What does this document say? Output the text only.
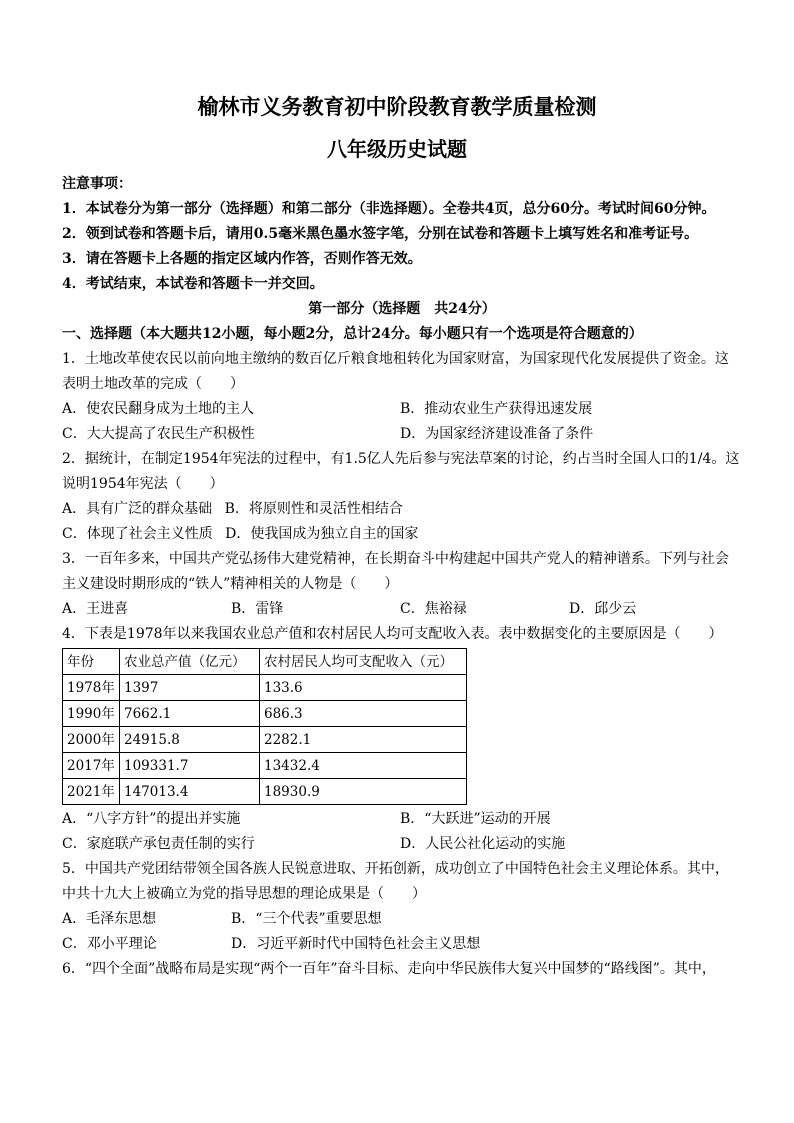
榆林市义务教育初中阶段教育教学质量检测
八年级历史试题
注意事项：
1．本试卷分为第一部分（选择题）和第二部分（非选择题）。全卷共4页，总分60分。考试时间60分钟。
2．领到试卷和答题卡后，请用0.5毫米黑色墨水签字笔，分别在试卷和答题卡上填写姓名和准考证号。
3．请在答题卡上各题的指定区域内作答，否则作答无效。
4．考试结束，本试卷和答题卡一并交回。
第一部分（选择题　共24分）
一、选择题（本大题共12小题，每小题2分，总计24分。每小题只有一个选项是符合题意的）
1．土地改革使农民以前向地主缴纳的数百亿斤粮食地租转化为国家财富，为国家现代化发展提供了资金。这表明土地改革的完成（　　）
A．使农民翻身成为土地的主人	B．推动农业生产获得迅速发展
C．大大提高了农民生产积极性	D．为国家经济建设准备了条件
2．据统计，在制定1954年宪法的过程中，有1.5亿人先后参与宪法草案的讨论，约占当时全国人口的1/4。这说明1954年宪法（　　）
A．具有广泛的群众基础 B．将原则性和灵活性相结合
C．体现了社会主义性质 D．使我国成为独立自主的国家
3．一百年多来，中国共产党弘扬伟大建党精神，在长期奋斗中构建起中国共产党人的精神谱系。下列与社会主义建设时期形成的“铁人”精神相关的人物是（　　）
A．王进喜	B．雷锋	C．焦裕禄	D．邱少云
4．下表是1978年以来我国农业总产值和农村居民人均可支配收入表。表中数据变化的主要原因是（　　）
年份	农业总产值（亿元）	农村居民人均可支配收入（元）
1978年	1397	133.6
1990年	7662.1	686.3
2000年	24915.8	2282.1
2017年	109331.7	13432.4
2021年	147013.4	18930.9
A．“八字方针”的提出并实施	B．“大跃进”运动的开展
C．家庭联产承包责任制的实行	D．人民公社化运动的实施
5．中国共产党团结带领全国各族人民锐意进取、开拓创新，成功创立了中国特色社会主义理论体系。其中，中共十九大上被确立为党的指导思想的理论成果是（　　）
A．毛泽东思想	B．“三个代表”重要思想
C．邓小平理论	D．习近平新时代中国特色社会主义思想
6．“四个全面”战略布局是实现“两个一百年”奋斗目标、走向中华民族伟大复兴中国梦的“路线图”。其中，
